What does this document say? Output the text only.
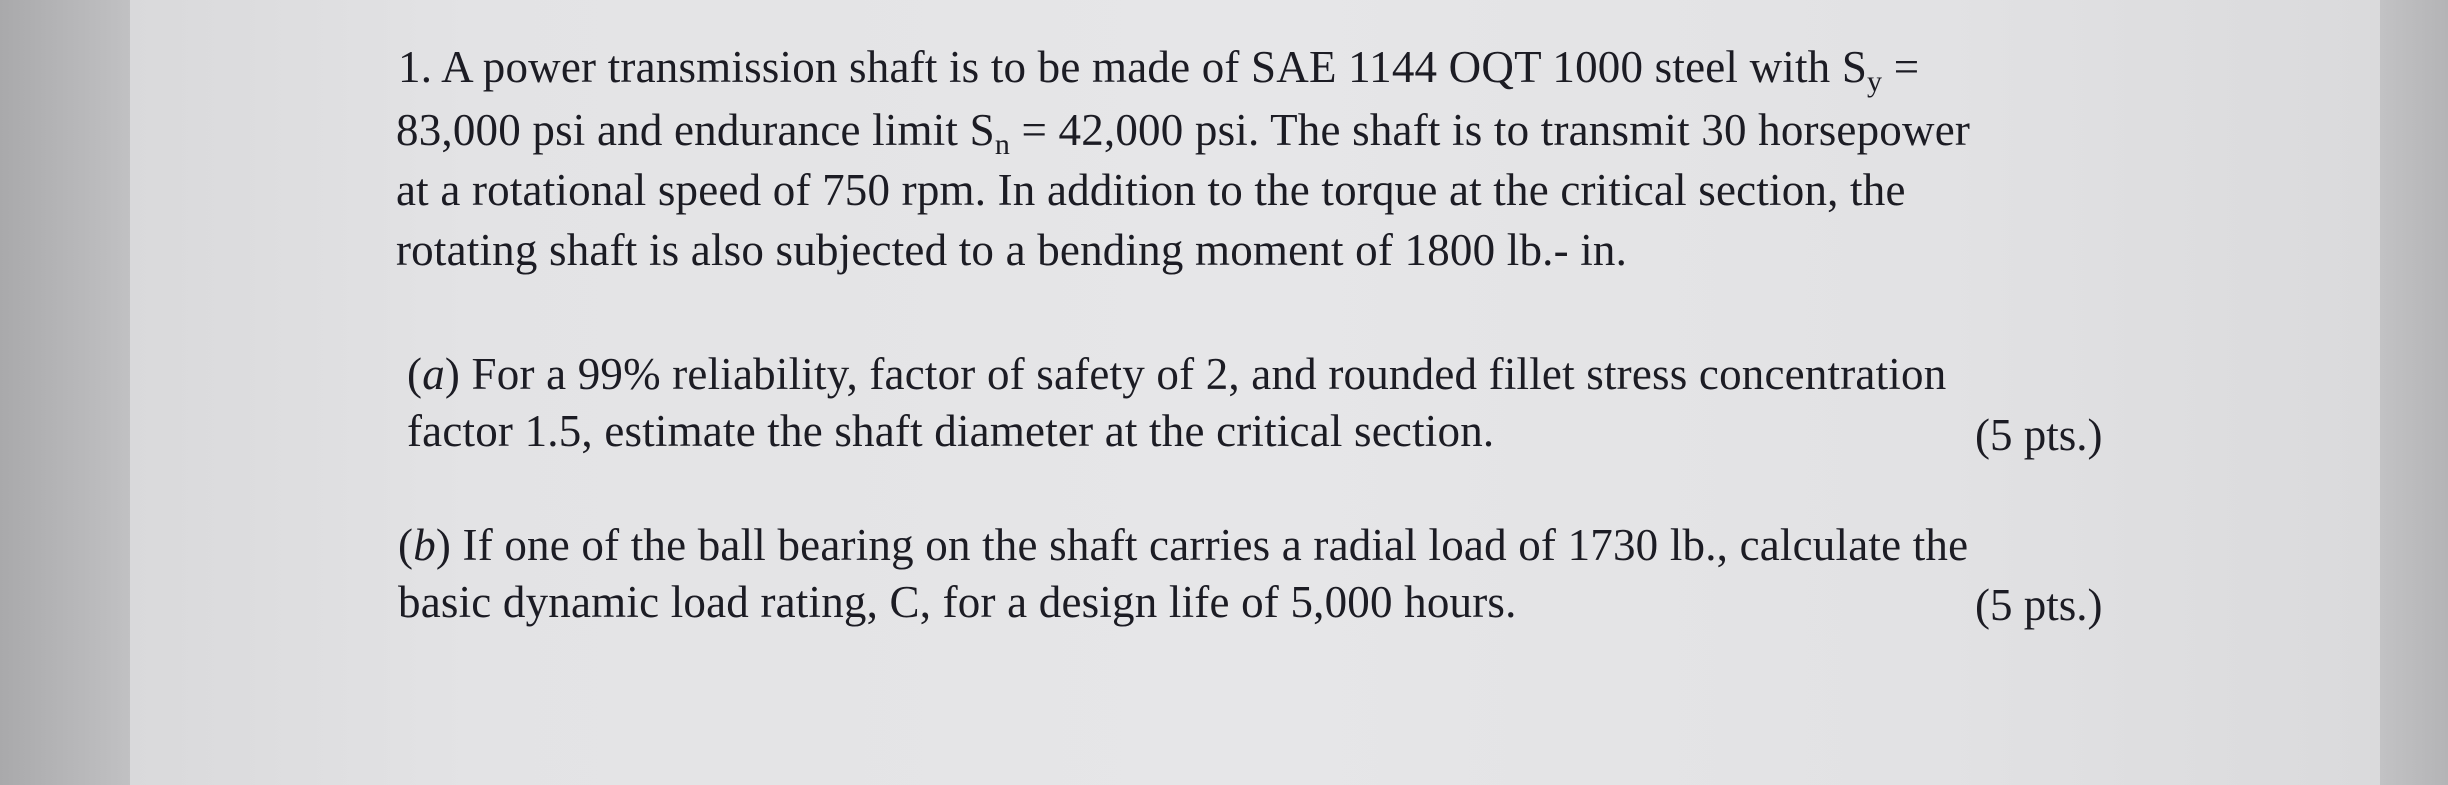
1. A power transmission shaft is to be made of SAE 1144 OQT 1000 steel with $S_y$ =
83,000 psi and endurance limit $S_n = 42,000$ psi. The shaft is to transmit 30 horsepower
at a rotational speed of 750 rpm. In addition to the torque at the critical section, the
rotating shaft is also subjected to a bending moment of 1800 lb.- in.
(a) For a 99% reliability, factor of safety of 2, and rounded fillet stress concentration
factor 1.5, estimate the shaft diameter at the critical section.	(5 pts.)
(b) If one of the ball bearing on the shaft carries a radial load of 1730 lb., calculate the
basic dynamic load rating, C, for a design life of 5,000 hours.	(5 pts.)
